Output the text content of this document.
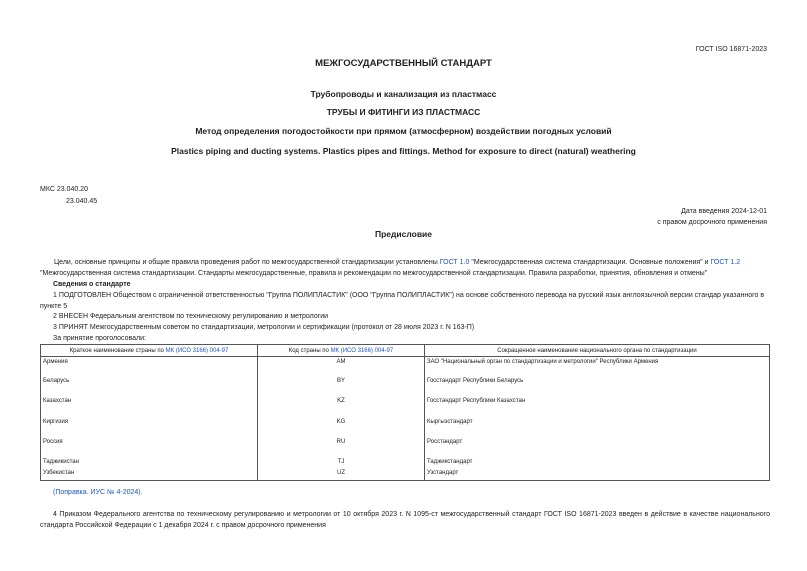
ГОСТ ISO 16871-2023
МЕЖГОСУДАРСТВЕННЫЙ СТАНДАРТ
Трубопроводы и канализация из пластмасс
ТРУБЫ И ФИТИНГИ ИЗ ПЛАСТМАСС
Метод определения погодостойкости при прямом (атмосферном) воздействии погодных условий
Plastics piping and ducting systems. Plastics pipes and fittings. Method for exposure to direct (natural) weathering
МКС 23.040.20
23.040.45
Дата введения 2024-12-01
с правом досрочного применения
Предисловие
Цели, основные принципы и общие правила проведения работ по межгосударственной стандартизации установлены ГОСТ 1.0 "Межгосударственная система стандартизации. Основные положения" и ГОСТ 1.2 "Межгосударственная система стандартизации. Стандарты межгосударственные, правила и рекомендации по межгосударственной стандартизации. Правила разработки, принятия, обновления и отмены"
Сведения о стандарте
1 ПОДГОТОВЛЕН Обществом с ограниченной ответственностью "Группа ПОЛИПЛАСТИК" (ООО "Группа ПОЛИПЛАСТИК") на основе собственного перевода на русский язык англоязычной версии стандар указанного в пункте 5
2 ВНЕСЕН Федеральным агентством по техническому регулированию и метрологии
3 ПРИНЯТ Межгосударственным советом по стандартизации, метрологии и сертификации (протокол от 28 июля 2023 г. N 163-П)
За принятие проголосовали:
Краткое наименование страны по МК (ИСО 3166) 004-97	Код страны по МК (ИСО 3166) 004-97	Сокращенное наименование национального органа по стандартизации
Армения	AM	ЗАО "Национальный орган по стандартизации и метрологии" Республики Армения
Беларусь	BY	Госстандарт Республики Беларусь
Казахстан	KZ	Госстандарт Республики Казахстан
Киргизия	KG	Кыргызстандарт
Россия	RU	Росстандарт
Таджикистан	TJ	Таджикстандарт
Узбекистан	UZ	Узстандарт
(Поправка. ИУС № 4-2024).
4 Приказом Федерального агентства по техническому регулированию и метрологии от 10 октября 2023 г. N 1095-ст межгосударственный стандарт ГОСТ ISO 16871-2023 введен в действие в качестве национального стандарта Российской Федерации с 1 декабря 2024 г. с правом досрочного применения
